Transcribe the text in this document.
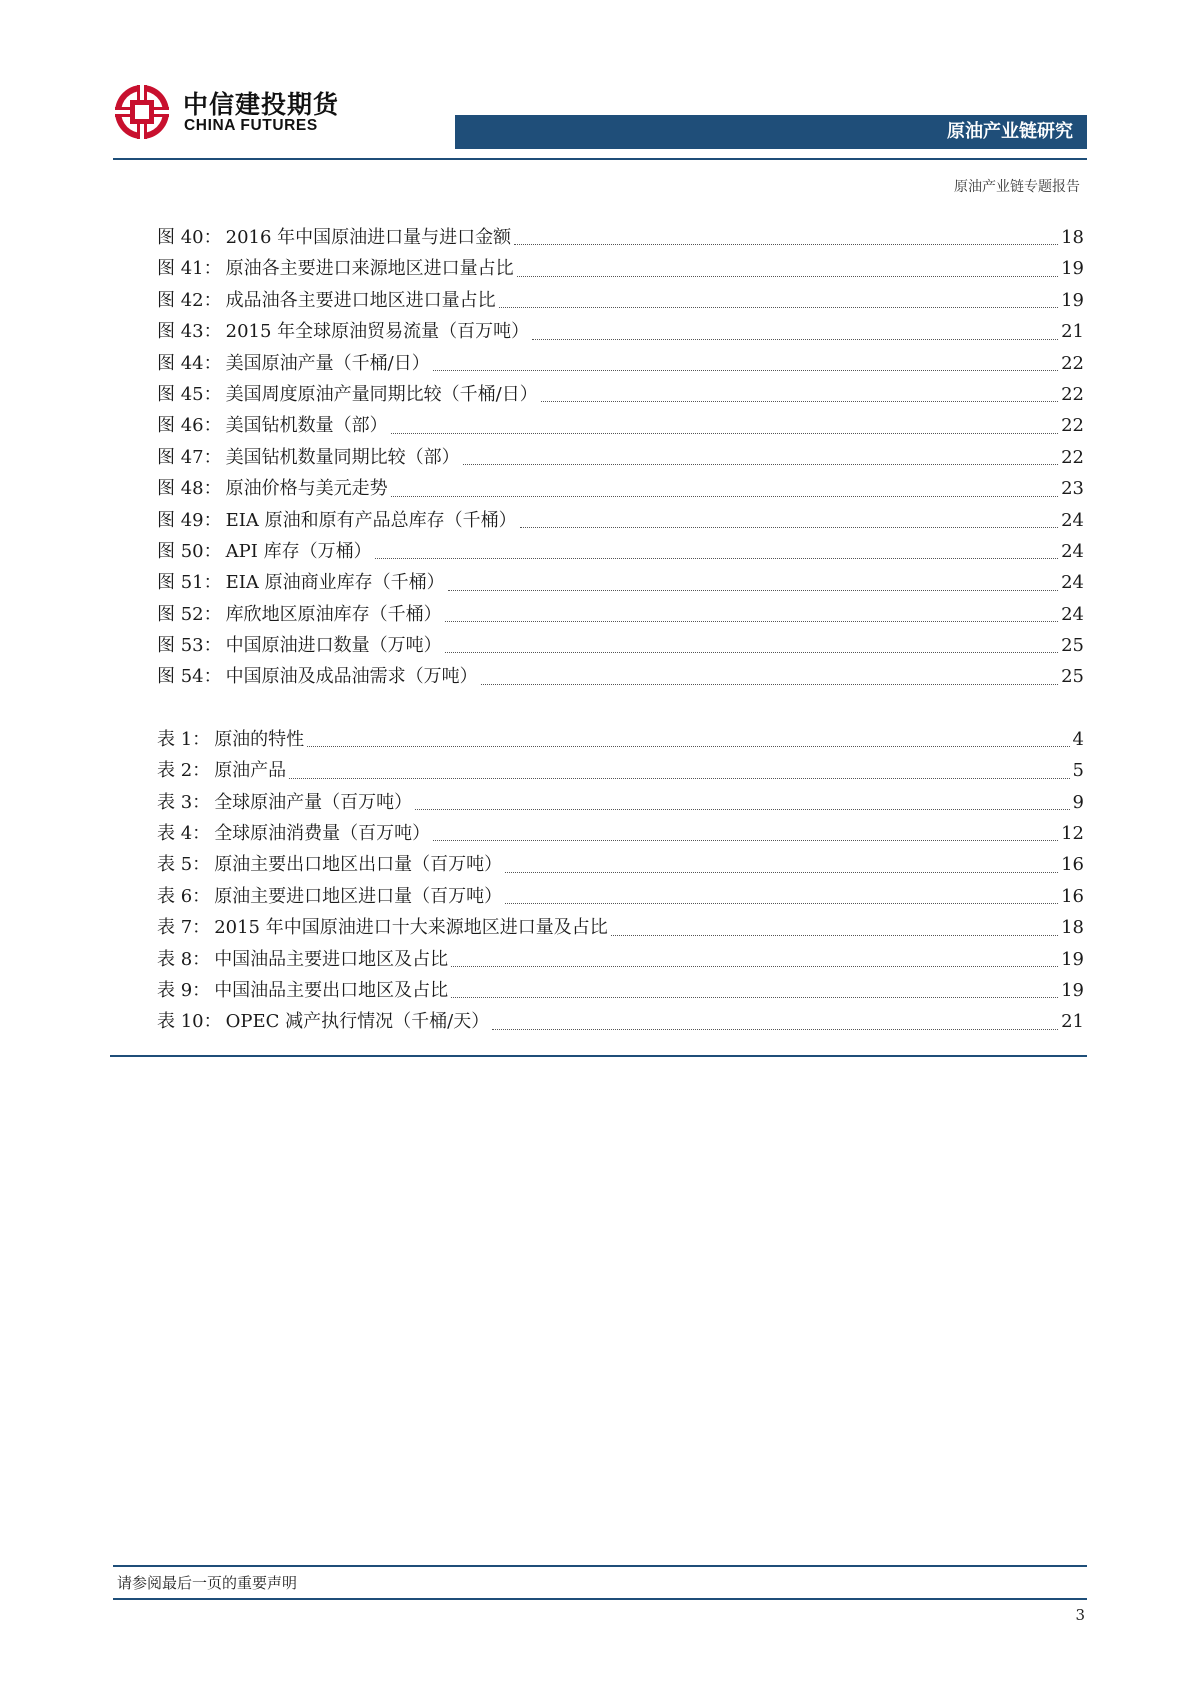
中信建投期货
CHINA FUTURES	原油产业链研究
原油产业链专题报告
图 40： 2016 年中国原油进口量与进口金额	18
图 41： 原油各主要进口来源地区进口量占比	19
图 42： 成品油各主要进口地区进口量占比	19
图 43： 2015 年全球原油贸易流量（百万吨）	21
图 44： 美国原油产量（千桶/日）	22
图 45： 美国周度原油产量同期比较（千桶/日）	22
图 46： 美国钻机数量（部）	22
图 47： 美国钻机数量同期比较（部）	22
图 48： 原油价格与美元走势	23
图 49： EIA 原油和原有产品总库存（千桶）	24
图 50： API 库存（万桶）	24
图 51： EIA 原油商业库存（千桶）	24
图 52： 库欣地区原油库存（千桶）	24
图 53： 中国原油进口数量（万吨）	25
图 54： 中国原油及成品油需求（万吨）	25
表 1： 原油的特性	4
表 2： 原油产品	5
表 3： 全球原油产量（百万吨）	9
表 4： 全球原油消费量（百万吨）	12
表 5： 原油主要出口地区出口量（百万吨）	16
表 6： 原油主要进口地区进口量（百万吨）	16
表 7： 2015 年中国原油进口十大来源地区进口量及占比	18
表 8： 中国油品主要进口地区及占比	19
表 9： 中国油品主要出口地区及占比	19
表 10： OPEC 减产执行情况（千桶/天）	21
请参阅最后一页的重要声明
3
